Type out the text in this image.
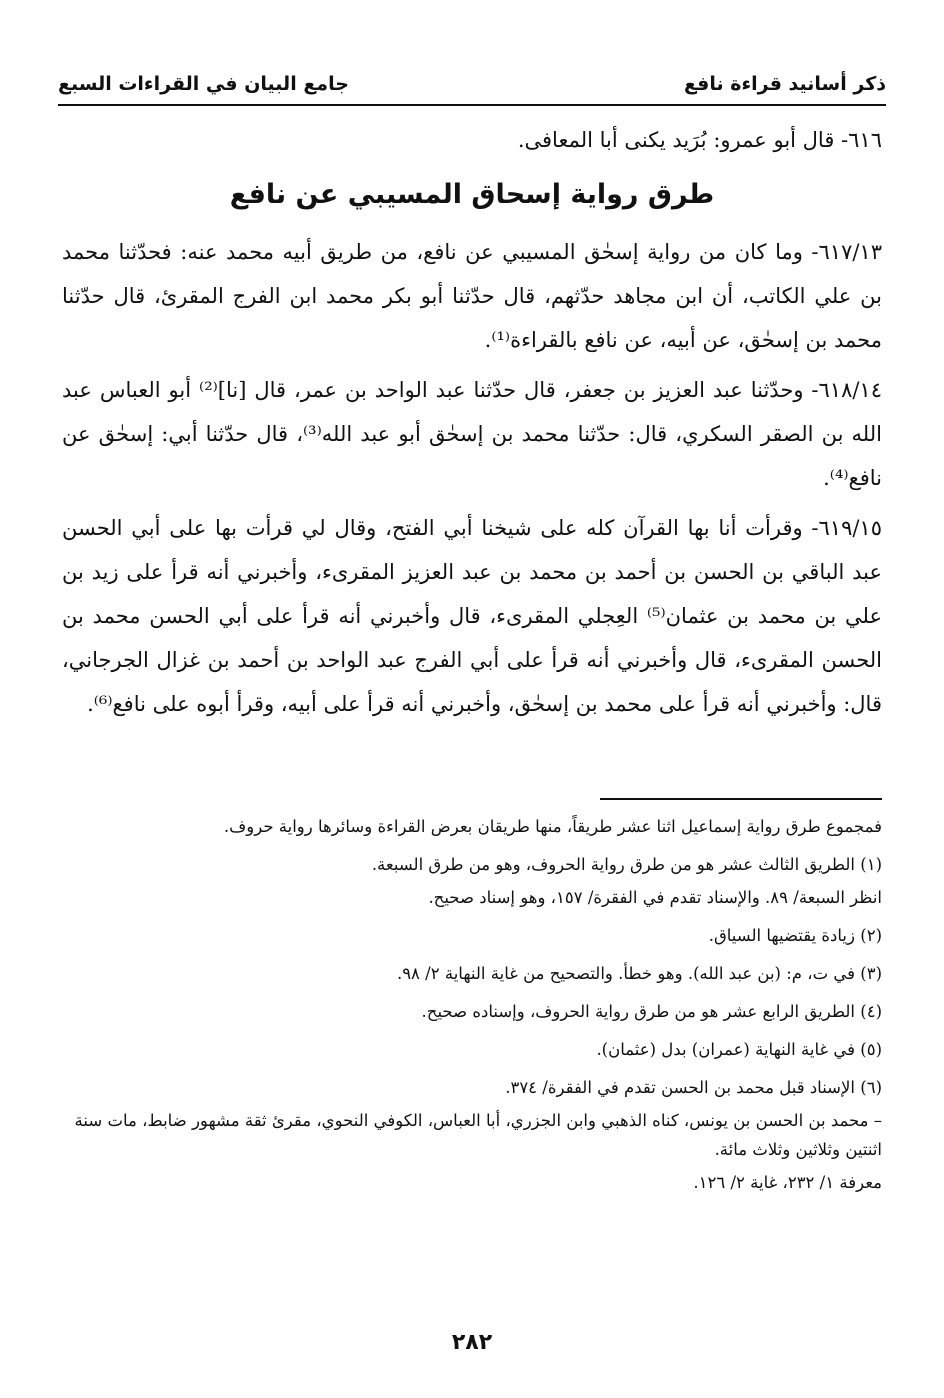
ذكر أسانيد قراءة نافع
جامع البيان في القراءات السبع

٦١٦- قال أبو عمرو: بُرَيد يكنى أبا المعافى.

طرق رواية إسحاق المسيبي عن نافع

٦١٧/١٣- وما كان من رواية إسحٰق المسيبي عن نافع، من طريق أبيه محمد عنه: فحدّثنا محمد بن علي الكاتب، أن ابن مجاهد حدّثهم، قال حدّثنا أبو بكر محمد ابن الفرج المقرئ، قال حدّثنا محمد بن إسحٰق، عن أبيه، عن نافع بالقراءة⁽¹⁾.

٦١٨/١٤- وحدّثنا عبد العزيز بن جعفر، قال حدّثنا عبد الواحد بن عمر، قال [نا]⁽²⁾ أبو العباس عبد الله بن الصقر السكري، قال: حدّثنا محمد بن إسحٰق أبو عبد الله⁽³⁾، قال حدّثنا أبي: إسحٰق عن نافع⁽⁴⁾.

٦١٩/١٥- وقرأت أنا بها القرآن كله على شيخنا أبي الفتح، وقال لي قرأت بها على أبي الحسن عبد الباقي بن الحسن بن أحمد بن محمد بن عبد العزيز المقرىء، وأخبرني أنه قرأ على زيد بن علي بن محمد بن عثمان⁽⁵⁾ العِجلي المقرىء، قال وأخبرني أنه قرأ على أبي الحسن محمد بن الحسن المقرىء، قال وأخبرني أنه قرأ على أبي الفرج عبد الواحد بن أحمد بن غزال الجرجاني، قال: وأخبرني أنه قرأ على محمد بن إسحٰق، وأخبرني أنه قرأ على أبيه، وقرأ أبوه على نافع⁽⁶⁾.

فمجموع طرق رواية إسماعيل اثنا عشر طريقاً، منها طريقان بعرض القراءة وسائرها رواية حروف.

(١) الطريق الثالث عشر هو من طرق رواية الحروف، وهو من طرق السبعة.

انظر السبعة/ ٨٩. والإسناد تقدم في الفقرة/ ١٥٧، وهو إسناد صحيح.

(٢) زيادة يقتضيها السياق.

(٣) في ت، م: (بن عبد الله). وهو خطأ. والتصحيح من غاية النهاية ٢/ ٩٨.

(٤) الطريق الرابع عشر هو من طرق رواية الحروف، وإسناده صحيح.

(٥) في غاية النهاية (عمران) بدل (عثمان).

(٦) الإسناد قبل محمد بن الحسن تقدم في الفقرة/ ٣٧٤.

– محمد بن الحسن بن يونس، كناه الذهبي وابن الجزري، أبا العباس، الكوفي النحوي، مقرئ ثقة مشهور ضابط، مات سنة اثنتين وثلاثين وثلاث مائة.

معرفة ١/ ٢٣٢، غاية ٢/ ١٢٦.

٢٨٢
